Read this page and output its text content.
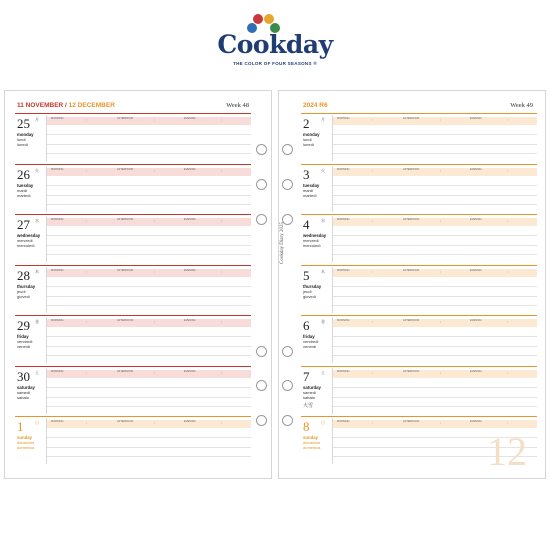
Cookday
THE COLOR OF FOUR SEASONS ®
11 NOVEMBER / 12 DECEMBER	Week 48
25 月
monday
lundi
lunedì
MORNING	:	AFTERNOON	:	EVENING	:
26 火
tuesday
mardi
martedì
MORNING	:	AFTERNOON	:	EVENING	:
27 水
wednesday
mercredi
mercoledì
MORNING	:	AFTERNOON	:	EVENING	:
28 木
thursday
jeudi
giovedì
MORNING	:	AFTERNOON	:	EVENING	:
29 金
friday
vendredi
venerdì
MORNING	:	AFTERNOON	:	EVENING	:
30 土
saturday
samedi
sabato
MORNING	:	AFTERNOON	:	EVENING	:
1	日
sunday
dimanche
domenica
MORNING	:	AFTERNOON	:	EVENING	:
2024 R6	Week 49
2	月
monday
lundi
lunedì
MORNING	:	AFTERNOON	:	EVENING	:
3	火
tuesday
mardi
martedì
MORNING	:	AFTERNOON	:	EVENING	:
4	水
wednesday
mercredi
mercoledì
MORNING	:	AFTERNOON	:	EVENING	:
5	木
thursday
jeudi
giovedì
MORNING	:	AFTERNOON	:	EVENING	:
6	金
friday
vendredi
venerdì
MORNING	:	AFTERNOON	:	EVENING	:
7	土
saturday
samedi
sabato
MORNING	:	AFTERNOON	:	EVENING	:
大雪
8	日
sunday
dimanche
domenica
MORNING	:	AFTERNOON	:	EVENING	:
Cookday Diary 2025
12
